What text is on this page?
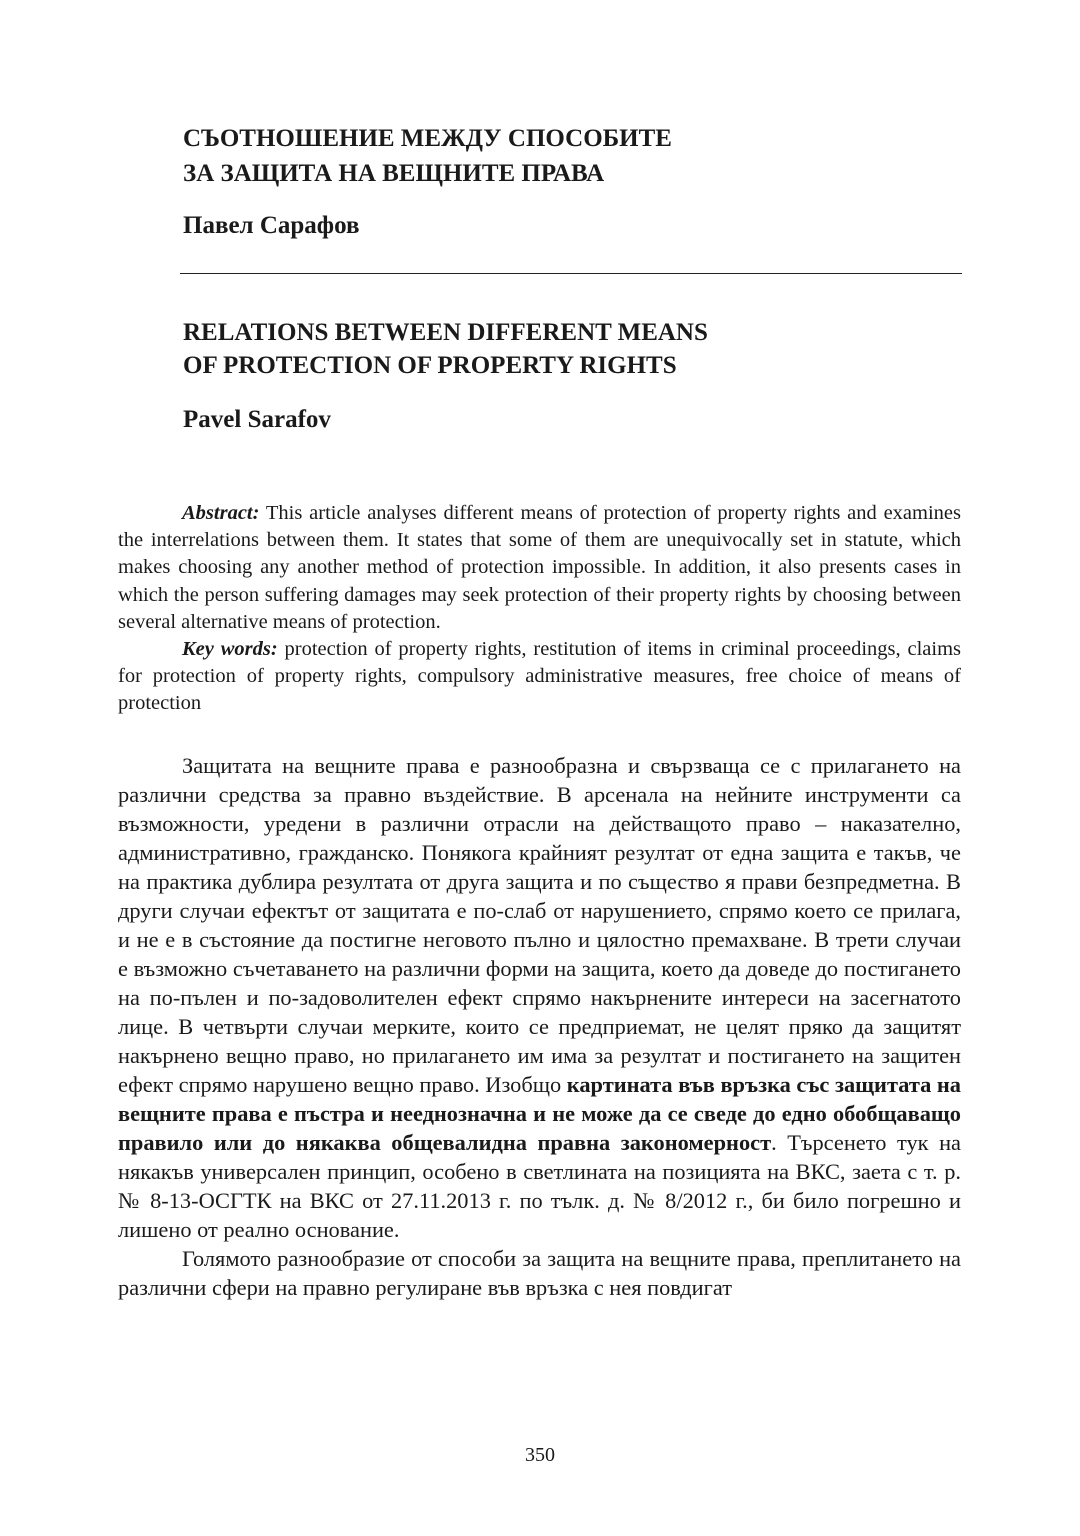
СЪОТНОШЕНИЕ МЕЖДУ СПОСОБИТЕ
ЗА ЗАЩИТА НА ВЕЩНИТЕ ПРАВА
Павел Сарафов
RELATIONS BETWEEN DIFFERENT MEANS
OF PROTECTION OF PROPERTY RIGHTS
Pavel Sarafov

Abstract: This article analyses different means of protection of property rights and examines the interrelations between them. It states that some of them are unequivocally set in statute, which makes choosing any another method of protection impossible. In addition, it also presents cases in which the person suffering damages may seek protection of their property rights by choosing between several alternative means of protection.

Key words: protection of property rights, restitution of items in criminal proceedings, claims for protection of property rights, compulsory administrative measures, free choice of means of protection

Защитата на вещните права е разнообразна и свързваща се с прилагането на различни средства за правно въздействие. В арсенала на нейните инструменти са възможности, уредени в различни отрасли на действащото право – наказателно, административно, гражданско. Понякога крайният резултат от една защита е такъв, че на практика дублира резултата от друга защита и по същество я прави безпредметна. В други случаи ефектът от защитата е по-слаб от нарушението, спрямо което се прилага, и не е в състояние да постигне неговото пълно и цялостно премахване. В трети случаи е възможно съчетаването на различни форми на защита, което да доведе до постигането на по-пълен и по-задоволителен ефект спрямо накърнените интереси на засегнатото лице. В четвърти случаи мерките, които се предприемат, не целят пряко да защитят накърнено вещно право, но прилагането им има за резултат и постигането на защитен ефект спрямо нарушено вещно право. Изобщо картината във връзка със защитата на вещните права е пъстра и нееднозначна и не може да се сведе до едно обобщаващо правило или до някаква общевалидна правна закономерност. Търсенето тук на някакъв универсален принцип, особено в светлината на позицията на ВКС, заета с т. р. № 8-13-ОСГТК на ВКС от 27.11.2013 г. по тълк. д. № 8/2012 г., би било погрешно и лишено от реално основание.

Голямото разнообразие от способи за защита на вещните права, преплитането на различни сфери на правно регулиране във връзка с нея повдигат

350
